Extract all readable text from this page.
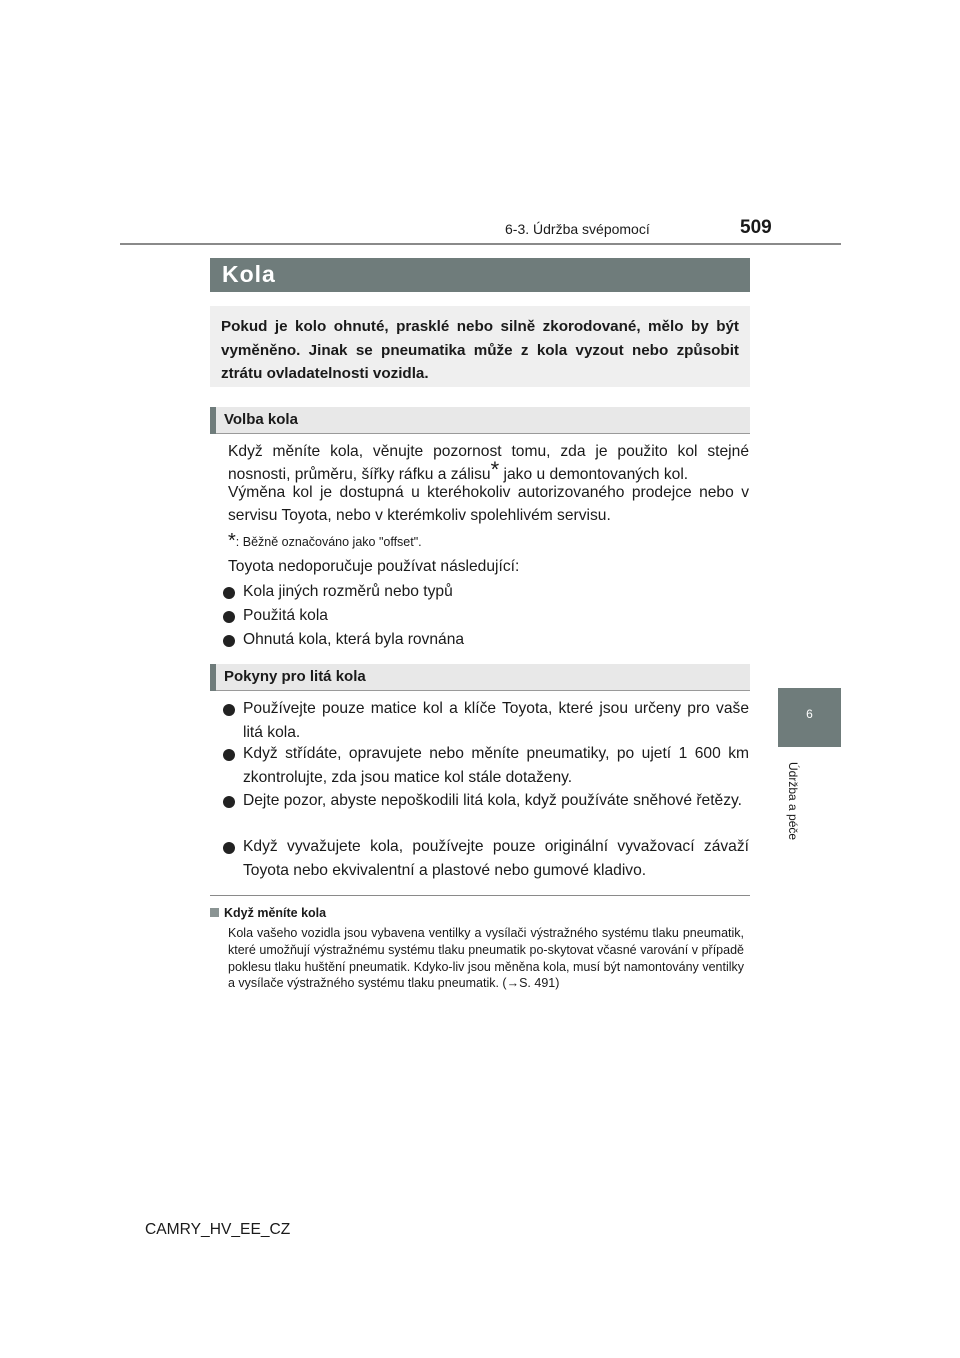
6-3. Údržba svépomocí	509
6
Údržba a péče
Kola

Pokud je kolo ohnuté, prasklé nebo silně zkorodované, mělo by být vyměněno. Jinak se pneumatika může z kola vyzout nebo způsobit ztrátu ovladatelnosti vozidla.

Volba kola

Když měníte kola, věnujte pozornost tomu, zda je použito kol stejné nosnosti, průměru, šířky ráfku a zálisu* jako u demontovaných kol.

Výměna kol je dostupná u kteréhokoliv autorizovaného prodejce nebo v servisu Toyota, nebo v kterémkoliv spolehlivém servisu.

*: Běžně označováno jako "offset".
Toyota nedoporučuje používat následující:
Kola jiných rozměrů nebo typů
Použitá kola
Ohnutá kola, která byla rovnána
Pokyny pro litá kola
Používejte pouze matice kol a klíče Toyota, které jsou určeny pro vaše litá kola.
Když střídáte, opravujete nebo měníte pneumatiky, po ujetí 1 600 km zkontrolujte, zda jsou matice kol stále dotaženy.
Dejte pozor, abyste nepoškodili litá kola, když používáte sněhové řetězy.
Když vyvažujete kola, používejte pouze originální vyvažovací závaží Toyota nebo ekvivalentní a plastové nebo gumové kladivo.
Když měníte kola

Kola vašeho vozidla jsou vybavena ventilky a vysílači výstražného systému tlaku pneumatik, které umožňují výstražnému systému tlaku pneumatik po-skytovat včasné varování v případě poklesu tlaku huštění pneumatik. Kdyko-liv jsou měněna kola, musí být namontovány ventilky a vysílače výstražného systému tlaku pneumatik. (→S. 491)

CAMRY_HV_EE_CZ
